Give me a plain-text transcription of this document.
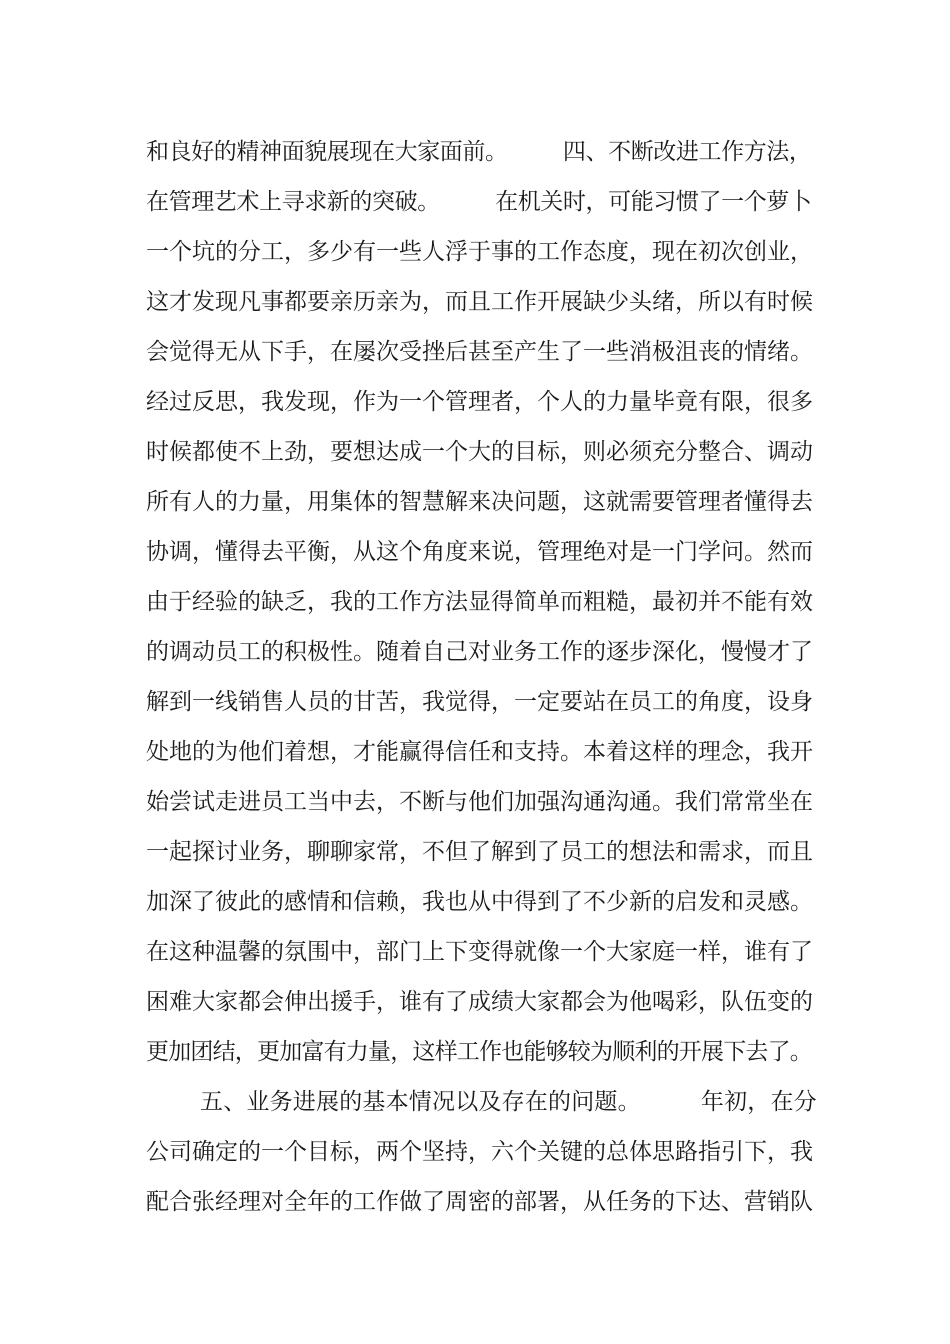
和良好的精神面貌展现在大家面前。        四、不断改进工作方法，
在管理艺术上寻求新的突破。        在机关时，可能习惯了一个萝卜
一个坑的分工，多少有一些人浮于事的工作态度，现在初次创业，
这才发现凡事都要亲历亲为，而且工作开展缺少头绪，所以有时候
会觉得无从下手，在屡次受挫后甚至产生了一些消极沮丧的情绪。
经过反思，我发现，作为一个管理者，个人的力量毕竟有限，很多
时候都使不上劲，要想达成一个大的目标，则必须充分整合、调动
所有人的力量，用集体的智慧解来决问题，这就需要管理者懂得去
协调，懂得去平衡，从这个角度来说，管理绝对是一门学问。然而
由于经验的缺乏，我的工作方法显得简单而粗糙，最初并不能有效
的调动员工的积极性。随着自己对业务工作的逐步深化，慢慢才了
解到一线销售人员的甘苦，我觉得，一定要站在员工的角度，设身
处地的为他们着想，才能赢得信任和支持。本着这样的理念，我开
始尝试走进员工当中去，不断与他们加强沟通沟通。我们常常坐在
一起探讨业务，聊聊家常，不但了解到了员工的想法和需求，而且
加深了彼此的感情和信赖，我也从中得到了不少新的启发和灵感。
在这种温馨的氛围中，部门上下变得就像一个大家庭一样，谁有了
困难大家都会伸出援手，谁有了成绩大家都会为他喝彩，队伍变的
更加团结，更加富有力量，这样工作也能够较为顺利的开展下去了。
五、业务进展的基本情况以及存在的问题。        年初，在分
公司确定的一个目标，两个坚持，六个关键的总体思路指引下，我
配合张经理对全年的工作做了周密的部署，从任务的下达、营销队
